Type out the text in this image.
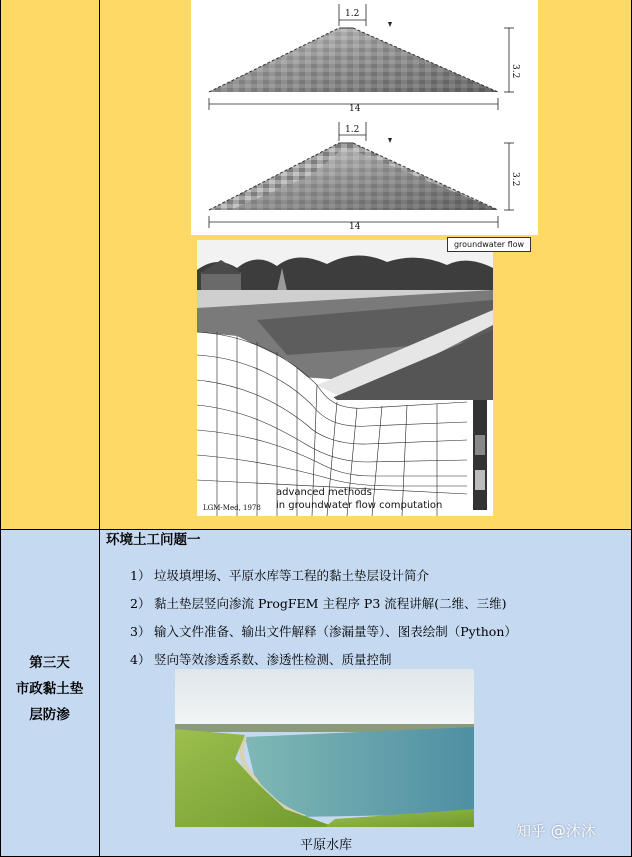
1.2
3.2
14
1.2
3.2
14
groundwater flow
advanced methods
in groundwater flow computation
LGM-Med, 1978
第三天
市政黏土垫
层防渗
环境土工问题一
1） 垃圾填埋场、平原水库等工程的黏土垫层设计简介
2） 黏土垫层竖向渗流 ProgFEM 主程序 P3 流程讲解(二维、三维)
3） 输入文件准备、输出文件解释（渗漏量等）、图表绘制（Python）
4） 竖向等效渗透系数、渗透性检测、质量控制
平原水库
知乎 @沐沐
